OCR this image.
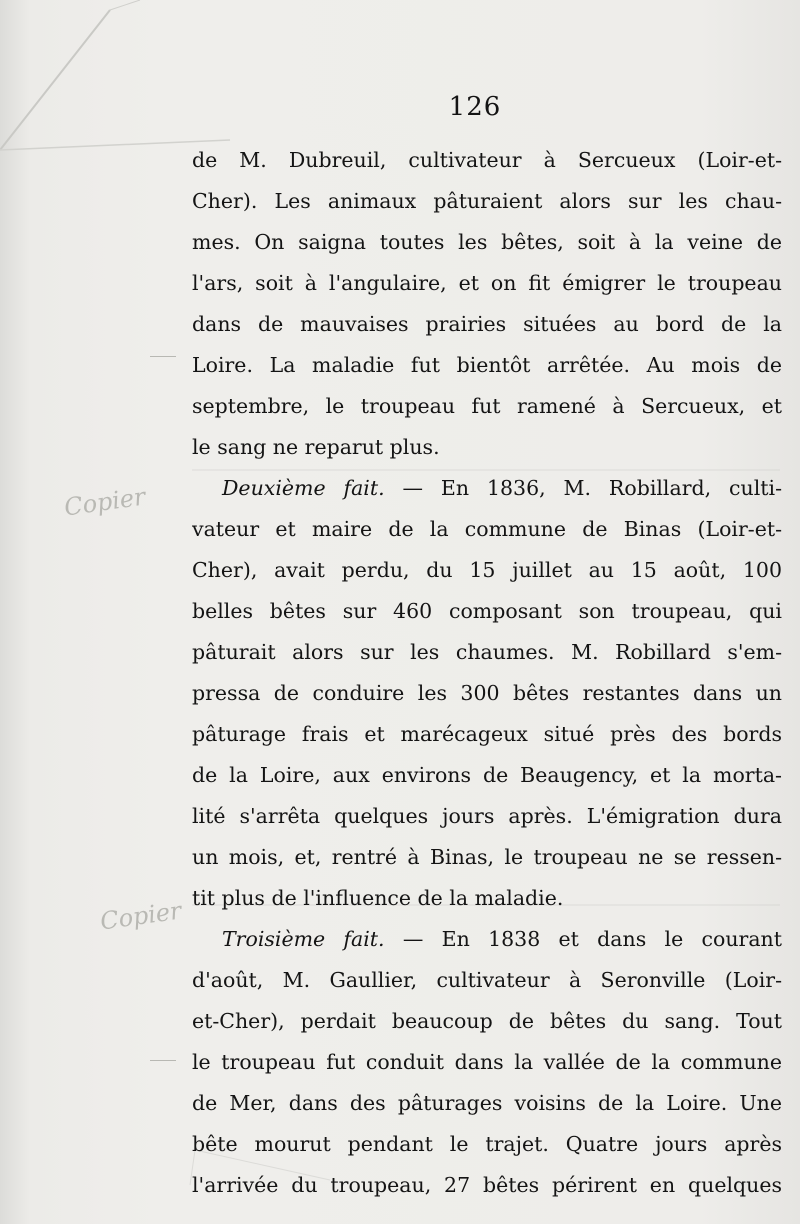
126
Copier
Copier
de M. Dubreuil, cultivateur à Sercueux (Loir-et-
Cher). Les animaux pâturaient alors sur les chau-
mes. On saigna toutes les bêtes, soit à la veine de
l'ars, soit à l'angulaire, et on fit émigrer le troupeau
dans de mauvaises prairies situées au bord de la
Loire. La maladie fut bientôt arrêtée. Au mois de
septembre, le troupeau fut ramené à Sercueux, et
le sang ne reparut plus.
Deuxième fait. — En 1836, M. Robillard, culti-
vateur et maire de la commune de Binas (Loir-et-
Cher), avait perdu, du 15 juillet au 15 août, 100
belles bêtes sur 460 composant son troupeau, qui
pâturait alors sur les chaumes. M. Robillard s'em-
pressa de conduire les 300 bêtes restantes dans un
pâturage frais et marécageux situé près des bords
de la Loire, aux environs de Beaugency, et la morta-
lité s'arrêta quelques jours après. L'émigration dura
un mois, et, rentré à Binas, le troupeau ne se ressen-
tit plus de l'influence de la maladie.
Troisième fait. — En 1838 et dans le courant
d'août, M. Gaullier, cultivateur à Seronville (Loir-
et-Cher), perdait beaucoup de bêtes du sang. Tout
le troupeau fut conduit dans la vallée de la commune
de Mer, dans des pâturages voisins de la Loire. Une
bête mourut pendant le trajet. Quatre jours après
l'arrivée du troupeau, 27 bêtes périrent en quelques
